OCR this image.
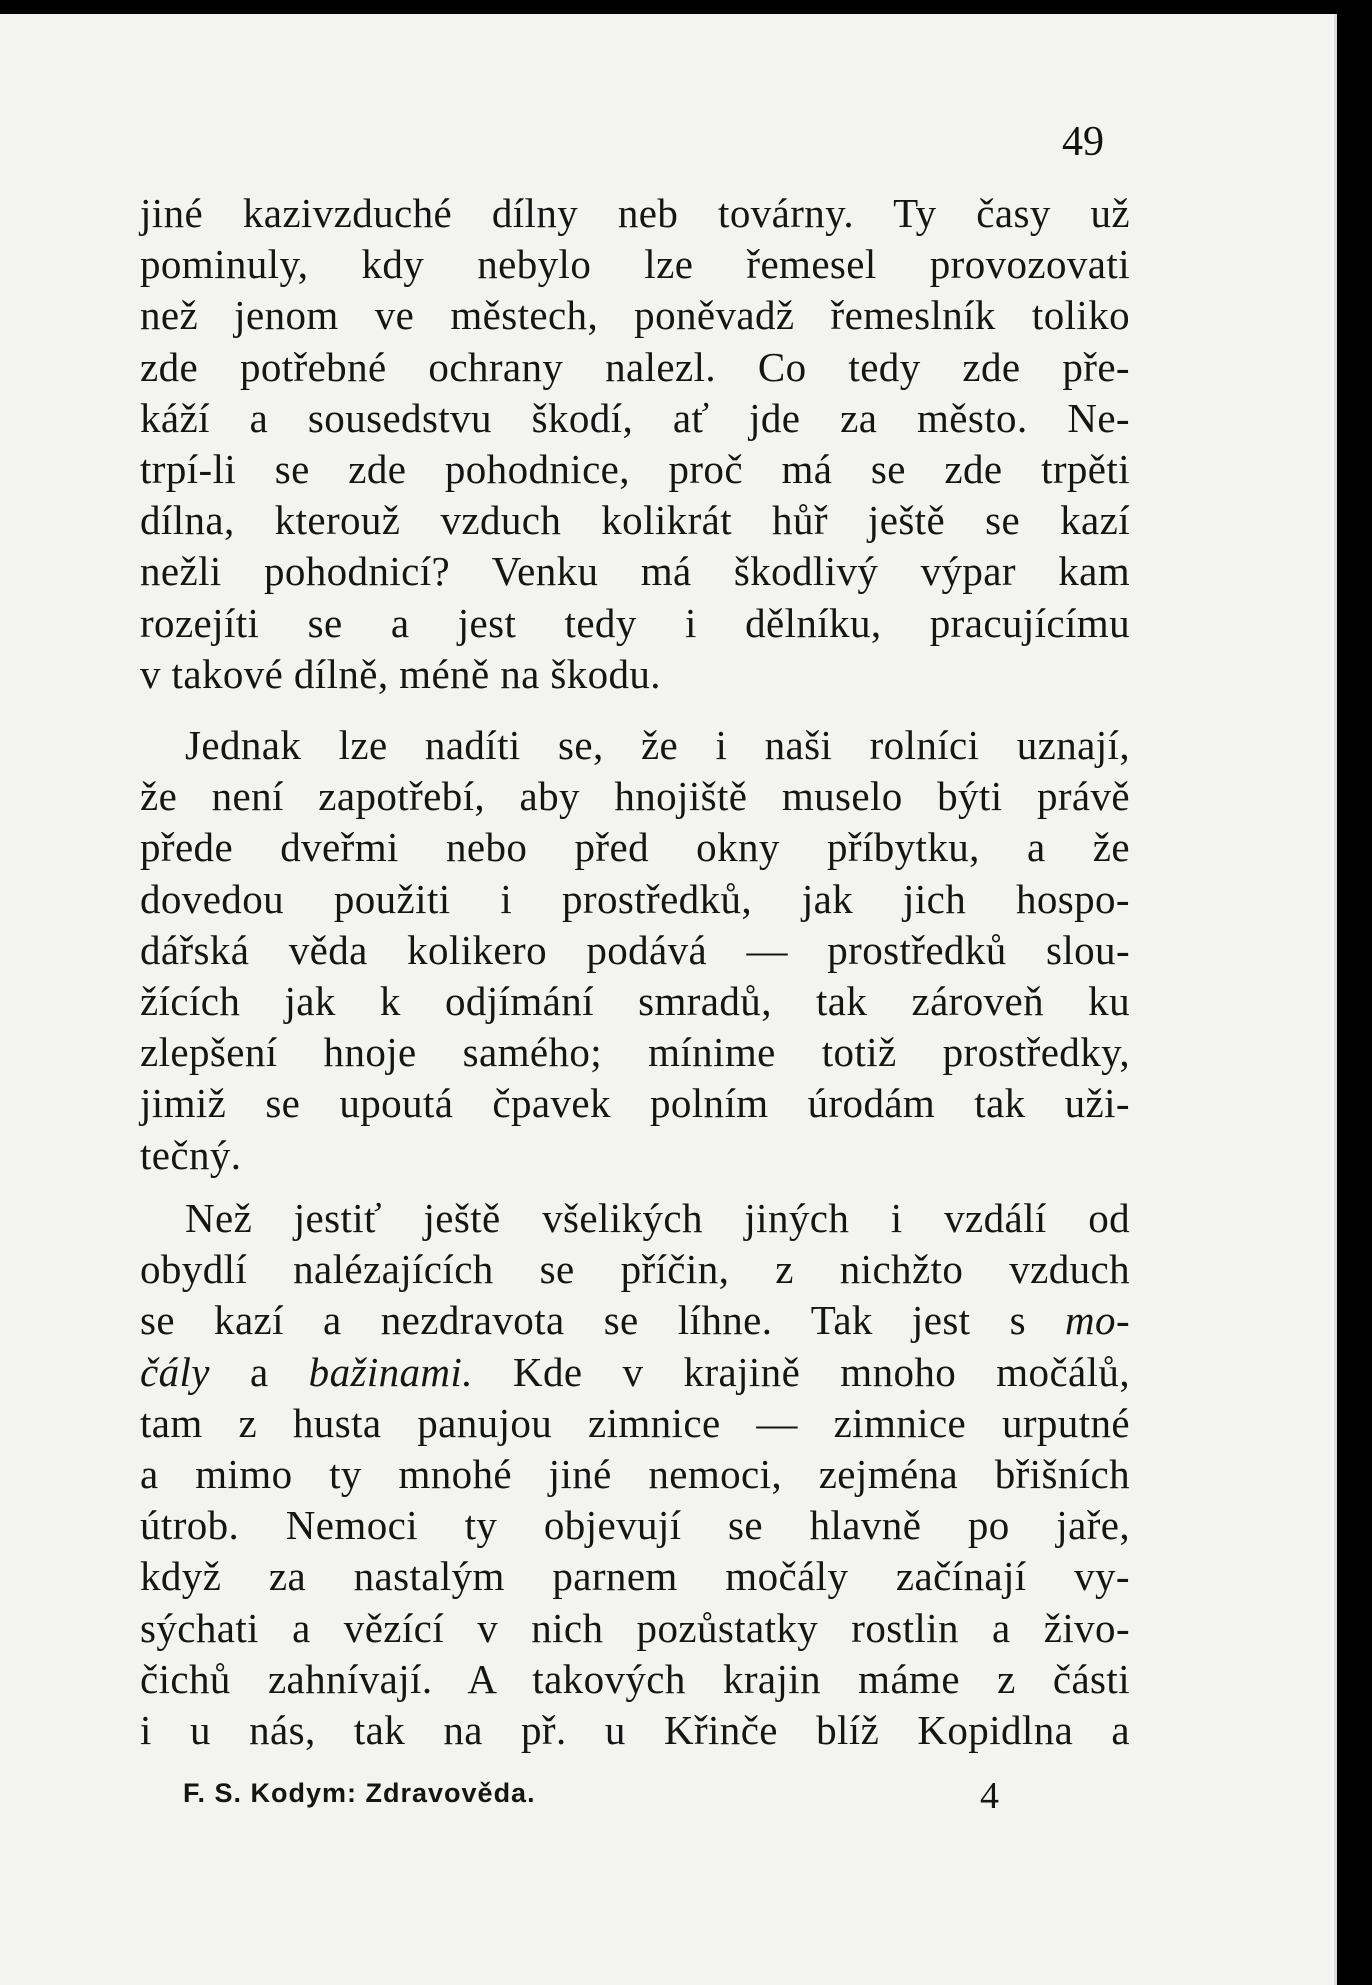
49

jiné kazivzduché dílny neb továrny. Ty časy už
pominuly, kdy nebylo lze řemesel provozovati
než jenom ve městech, poněvadž řemeslník toliko
zde potřebné ochrany nalezl. Co tedy zde pře-
káží a sousedstvu škodí, ať jde za město. Ne-
trpí-li se zde pohodnice, proč má se zde trpěti
dílna, kterouž vzduch kolikrát hůř ještě se kazí
nežli pohodnicí? Venku má škodlivý výpar kam
rozejíti se a jest tedy i dělníku, pracujícímu
v takové dílně, méně na škodu.

Jednak lze nadíti se, že i naši rolníci uznají,
že není zapotřebí, aby hnojiště muselo býti právě
přede dveřmi nebo před okny příbytku, a že
dovedou použiti i prostředků, jak jich hospo-
dářská věda kolikero podává — prostředků slou-
žících jak k odjímání smradů, tak zároveň ku
zlepšení hnoje samého; mínime totiž prostředky,
jimiž se upoutá čpavek polním úrodám tak uži-
tečný.

Než jestiť ještě všelikých jiných i vzdálí od
obydlí nalézajících se příčin, z nichžto vzduch
se kazí a nezdravota se líhne. Tak jest s mo-
čály a bažinami. Kde v krajině mnoho močálů,
tam z husta panujou zimnice — zimnice urputné
a mimo ty mnohé jiné nemoci, zejména břišních
útrob. Nemoci ty objevují se hlavně po jaře,
když za nastalým parnem močály začínají vy-
sýchati a vězící v nich pozůstatky rostlin a živo-
čichů zahnívají. A takových krajin máme z části
i u nás, tak na př. u Křinče blíž Kopidlna a

F. S. Kodym: Zdravověda.	4
